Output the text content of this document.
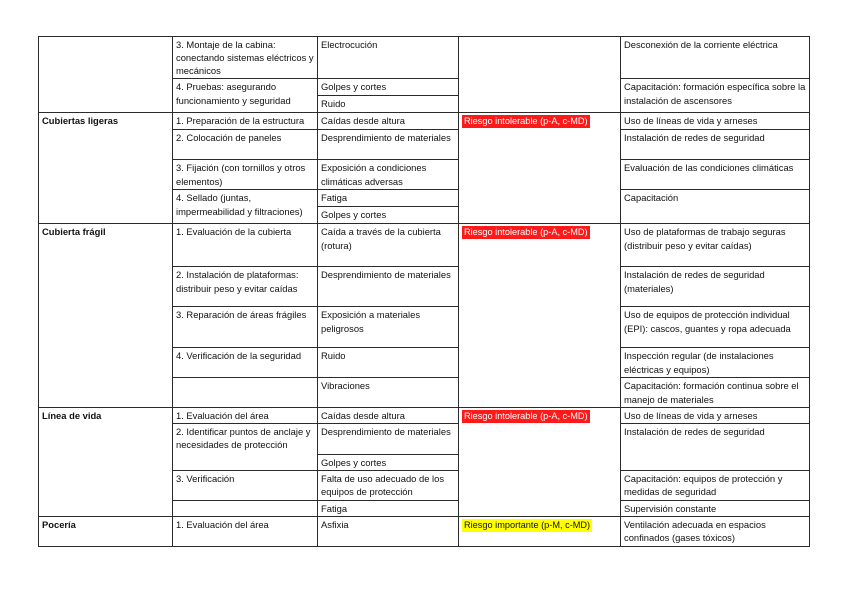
	3. Montaje de la cabina: conectando sistemas eléctricos y mecánicos	Electrocución		Desconexión de la corriente eléctrica
	4. Pruebas: asegurando funcionamiento y seguridad	Golpes y cortes		Capacitación: formación específica sobre la instalación de ascensores
		Ruido		
Cubiertas ligeras	1. Preparación de la estructura	Caídas desde altura	Riesgo intolerable (p-A, c-MD)	Uso de líneas de vida y arneses
	2. Colocación de paneles	Desprendimiento de materiales		Instalación de redes de seguridad
	3. Fijación (con tornillos y otros elementos)	Exposición a condiciones climáticas adversas		Evaluación de las condiciones climáticas
	4. Sellado (juntas, impermeabilidad y filtraciones)	Fatiga		Capacitación
		Golpes y cortes		
Cubierta frágil	1. Evaluación de la cubierta	Caída a través de la cubierta (rotura)	Riesgo intolerable (p-A, c-MD)	Uso de plataformas de trabajo seguras (distribuir peso y evitar caídas)
	2. Instalación de plataformas: distribuir peso y evitar caídas	Desprendimiento de materiales		Instalación de redes de seguridad (materiales)
	3. Reparación de áreas frágiles	Exposición a materiales peligrosos		Uso de equipos de protección individual (EPI): cascos, guantes y ropa adecuada
	4. Verificación de la seguridad	Ruido		Inspección regular (de instalaciones eléctricas y equipos)
		Vibraciones		Capacitación: formación continua sobre el manejo de materiales
Línea de vida	1. Evaluación del área	Caídas desde altura	Riesgo intolerable (p-A, c-MD)	Uso de líneas de vida y arneses
	2. Identificar puntos de anclaje y necesidades de protección	Desprendimiento de materiales		Instalación de redes de seguridad
		Golpes y cortes		
	3. Verificación	Falta de uso adecuado de los equipos de protección		Capacitación: equipos de protección y medidas de seguridad
		Fatiga		Supervisión constante
Pocería	1. Evaluación del área	Asfixia	Riesgo importante (p-M, c-MD)	Ventilación adecuada en espacios confinados (gases tóxicos)
